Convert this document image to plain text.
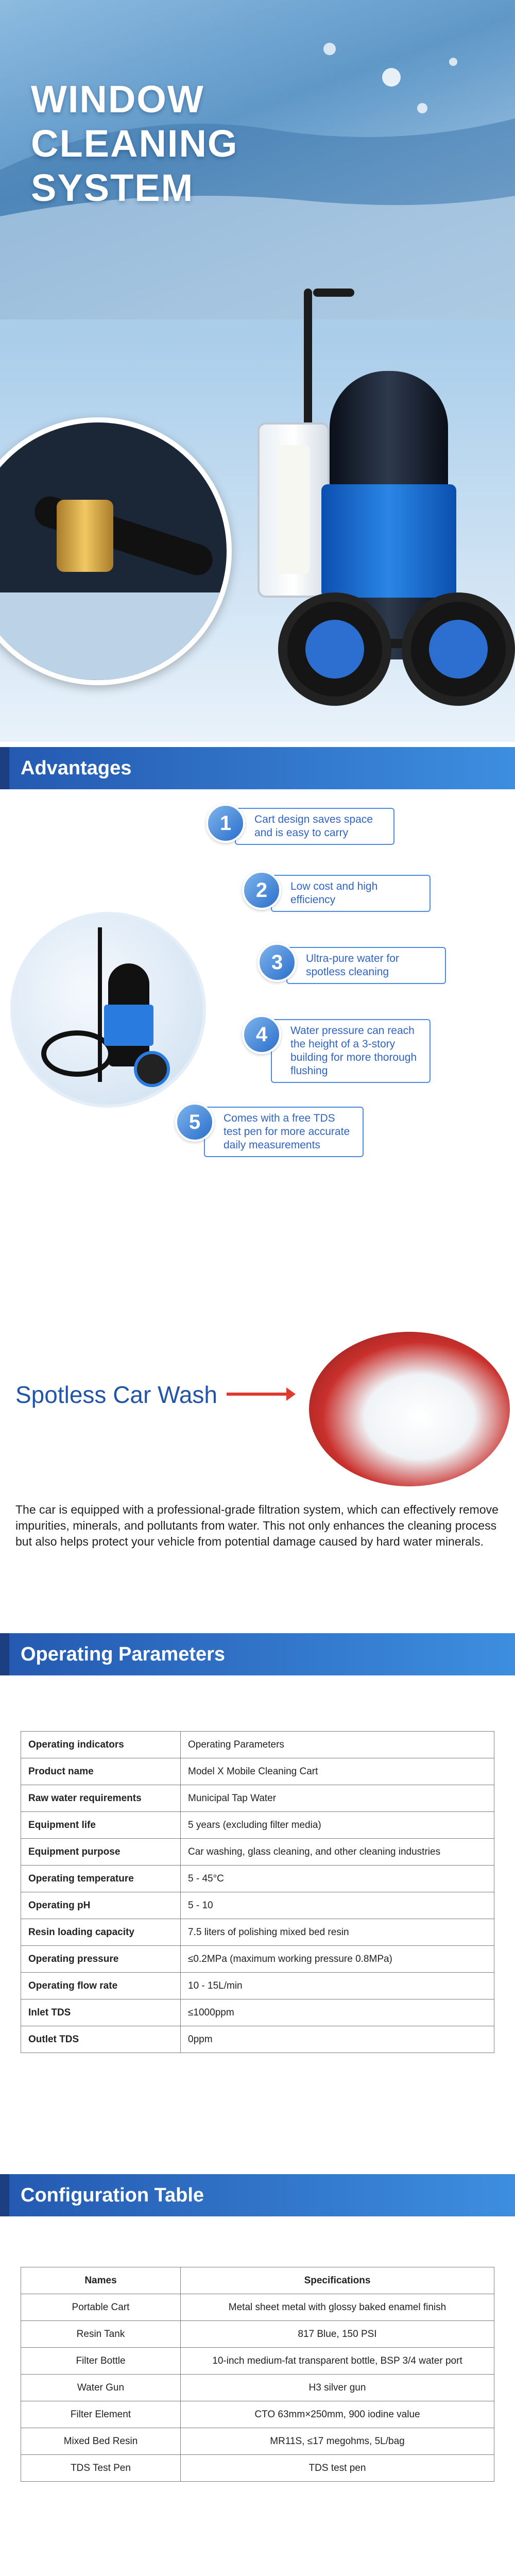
WINDOW
CLEANING
SYSTEM
Advantages
Cart design saves space and is easy to carry
1
Low cost and high efficiency
2
Ultra-pure water for spotless cleaning
3
Water pressure can reach the height of a 3-story building for more thorough flushing
4
Comes with a free TDS test pen for more accurate daily measurements
5
Spotless Car Wash
The car is equipped with a professional-grade filtration system, which can effectively remove impurities, minerals, and pollutants from water. This not only enhances the cleaning process but also helps protect your vehicle from potential damage caused by hard water minerals.
Operating Parameters
Operating indicators	Operating Parameters
Product name	Model X Mobile Cleaning Cart
Raw water requirements	Municipal Tap Water
Equipment life	5 years (excluding filter media)
Equipment purpose	Car washing, glass cleaning, and other cleaning industries
Operating temperature	5 - 45°C
Operating pH	5 - 10
Resin loading capacity	7.5 liters of polishing mixed bed resin
Operating pressure	≤0.2MPa (maximum working pressure 0.8MPa)
Operating flow rate	10 - 15L/min
Inlet TDS	≤1000ppm
Outlet TDS	0ppm
Configuration Table
Names	Specifications
Portable Cart	Metal sheet metal with glossy baked enamel finish
Resin Tank	817 Blue, 150 PSI
Filter Bottle	10-inch medium-fat transparent bottle, BSP 3/4 water port
Water Gun	H3 silver gun
Filter Element	CTO 63mm×250mm, 900 iodine value
Mixed Bed Resin	MR11S, ≤17 megohms, 5L/bag
TDS Test Pen	TDS test pen
